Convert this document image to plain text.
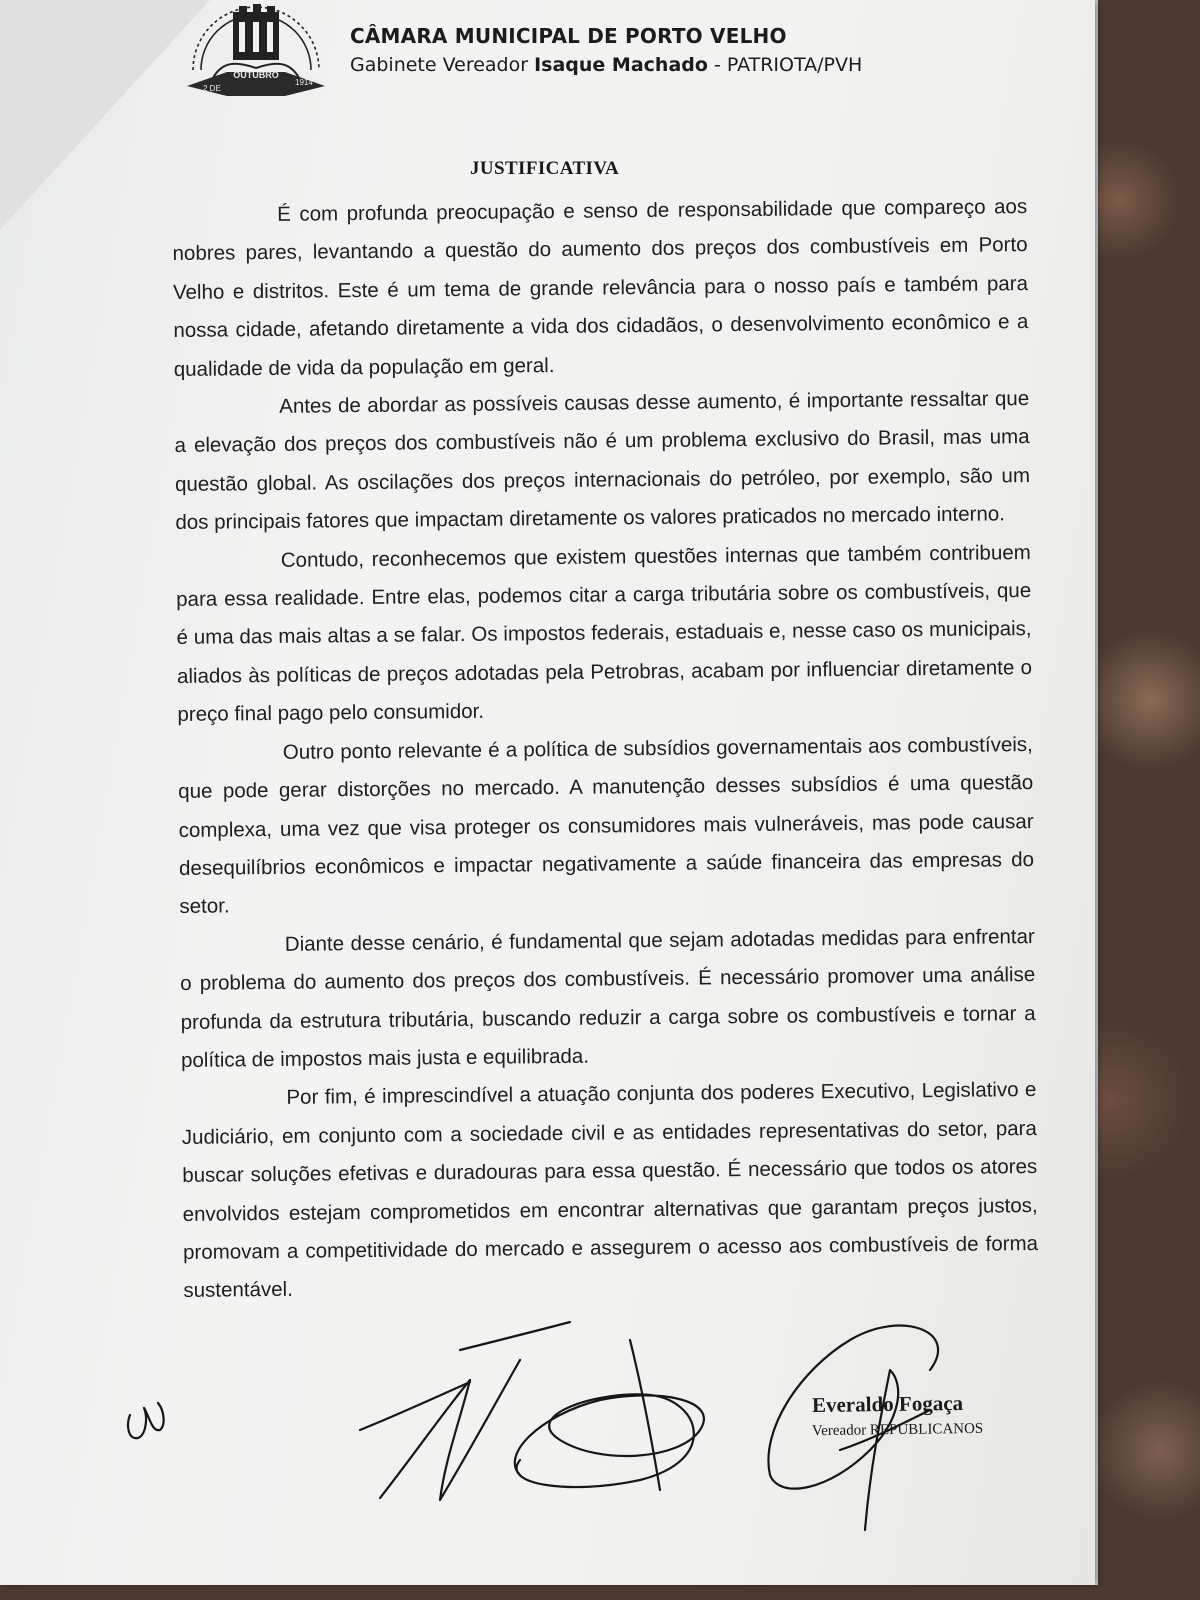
OUTUBRO
2 DE
1914
CÂMARA MUNICIPAL DE PORTO VELHO
Gabinete Vereador Isaque Machado - PATRIOTA/PVH
JUSTIFICATIVA

É com profunda preocupação e senso de responsabilidade que compareço aos nobres pares, levantando a questão do aumento dos preços dos combustíveis em Porto Velho e distritos. Este é um tema de grande relevância para o nosso país e também para nossa cidade, afetando diretamente a vida dos cidadãos, o desenvolvimento econômico e a qualidade de vida da população em geral.

Antes de abordar as possíveis causas desse aumento, é importante ressaltar que a elevação dos preços dos combustíveis não é um problema exclusivo do Brasil, mas uma questão global. As oscilações dos preços internacionais do petróleo, por exemplo, são um dos principais fatores que impactam diretamente os valores praticados no mercado interno.

Contudo, reconhecemos que existem questões internas que também contribuem para essa realidade. Entre elas, podemos citar a carga tributária sobre os combustíveis, que é uma das mais altas a se falar. Os impostos federais, estaduais e, nesse caso os municipais, aliados às políticas de preços adotadas pela Petrobras, acabam por influenciar diretamente o preço final pago pelo consumidor.

Outro ponto relevante é a política de subsídios governamentais aos combustíveis, que pode gerar distorções no mercado. A manutenção desses subsídios é uma questão complexa, uma vez que visa proteger os consumidores mais vulneráveis, mas pode causar desequilíbrios econômicos e impactar negativamente a saúde financeira das empresas do setor.

Diante desse cenário, é fundamental que sejam adotadas medidas para enfrentar o problema do aumento dos preços dos combustíveis. É necessário promover uma análise profunda da estrutura tributária, buscando reduzir a carga sobre os combustíveis e tornar a política de impostos mais justa e equilibrada.

Por fim, é imprescindível a atuação conjunta dos poderes Executivo, Legislativo e Judiciário, em conjunto com a sociedade civil e as entidades representativas do setor, para buscar soluções efetivas e duradouras para essa questão. É necessário que todos os atores envolvidos estejam comprometidos em encontrar alternativas que garantam preços justos, promovam a competitividade do mercado e assegurem o acesso aos combustíveis de forma sustentável.

Everaldo Fogaça
Vereador REPUBLICANOS
